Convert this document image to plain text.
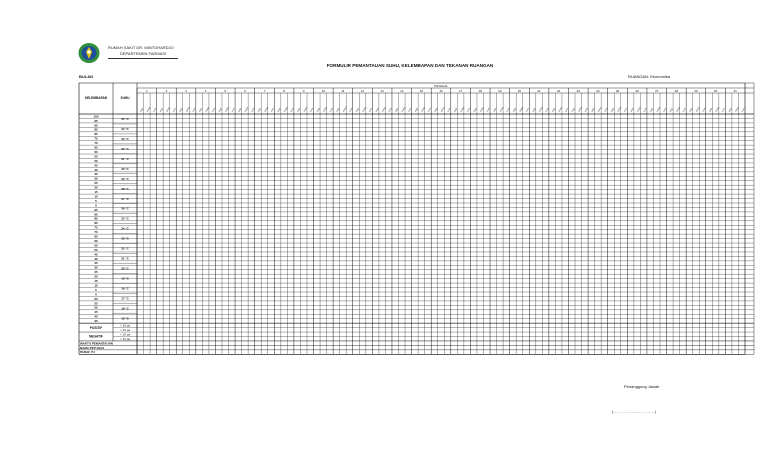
RUMAH SAKIT DR. MINTOHARDJO
DEPARTEMEN FARMASI
FORMULIR PEMANTAUAN SUHU, KELEMBAPAN DAN TEKANAN RUANGAN
BULAN	RUANGAN: Ekonomika
TANGGAL
KELEMBAPAN	SUHU
1
pagi siang sore
2
pagi siang sore
3
pagi siang sore
4
pagi siang sore
5
pagi siang sore
6
pagi siang sore
7
pagi siang sore
8
pagi siang sore
9
pagi siang sore
10
pagi siang sore
11
pagi siang sore
12
pagi siang sore
13
pagi siang sore
14
pagi siang sore
15
pagi siang sore
16
pagi siang sore
17
pagi siang sore
18
pagi siang sore
19
pagi siang sore
20
pagi siang sore
21
pagi siang sore
22
pagi siang sore
23
pagi siang sore
24
pagi siang sore
25
pagi siang sore
26
pagi siang sore
27
pagi siang sore
28
pagi siang sore
29
pagi siang sore
30
pagi siang sore
31
pagi siang sore
100
95
90
85
80
75
70
65
60
55
50
45
40
35
30
25
20
15
10
5
0
95
90
85
80
75
70
65
60
55
50
45
40
35
30
25
20
15
10
5
0
60
55
50
45
40
35
35 °C
34 °C
33 °C
32 °C
31 °C
30 °C
29 °C
28 °C
27 °C
26 °C
25 °C
24 °C
23 °C
22 °C
21 °C
20 °C
19 °C
18 °C
17 °C
16 °C
15 °C
> 10 pa
< 10 pa
POSITIF
> 10 pa
< 10 pa
NEGATIF
WAKTU PEMANTAUAN
NAMA PETUGAS
PARAF PJ
Penanggung Jawab
(.............................)
